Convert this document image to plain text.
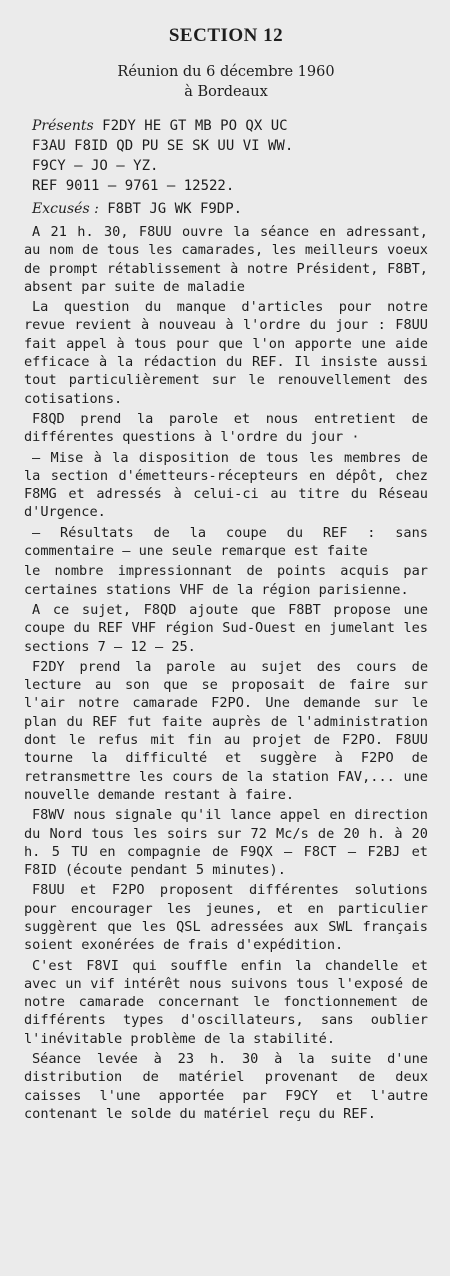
SECTION 12
Réunion du 6 décembre 1960
à Bordeaux
Présents F2DY HE GT MB PO QX UC
F3AU F8ID QD PU SE SK UU VI WW.
F9CY — JO — YZ.
REF 9011 — 9761 — 12522.
Excusés : F8BT JG WK F9DP.

A 21 h. 30, F8UU ouvre la séance en adressant, au nom de tous les camarades, les meilleurs voeux de prompt rétablissement à notre Président, F8BT, absent par suite de maladie

La question du manque d'articles pour notre revue revient à nouveau à l'ordre du jour : F8UU fait appel à tous pour que l'on apporte une aide efficace à la rédaction du REF. Il insiste aussi tout particulièrement sur le renouvellement des cotisations.

F8QD prend la parole et nous entretient de différentes questions à l'ordre du jour ·

— Mise à la disposition de tous les membres de la section d'émetteurs-récepteurs en dépôt, chez F8MG et adressés à celui-ci au titre du Réseau d'Urgence.

— Résultats de la coupe du REF : sans commentaire — une seule remarque est faite

le nombre impressionnant de points acquis par certaines stations VHF de la région parisienne.

A ce sujet, F8QD ajoute que F8BT propose une coupe du REF VHF région Sud-Ouest en jumelant les sections 7 — 12 — 25.

F2DY prend la parole au sujet des cours de lecture au son que se proposait de faire sur l'air notre camarade F2PO. Une demande sur le plan du REF fut faite auprès de l'administration dont le refus mit fin au projet de F2PO. F8UU tourne la difficulté et suggère à F2PO de retransmettre les cours de la station FAV,... une nouvelle demande restant à faire.

F8WV nous signale qu'il lance appel en direction du Nord tous les soirs sur 72 Mc/s de 20 h. à 20 h. 5 TU en compagnie de F9QX — F8CT — F2BJ et F8ID (écoute pendant 5 minutes).

F8UU et F2PO proposent différentes solutions pour encourager les jeunes, et en particulier suggèrent que les QSL adressées aux SWL français soient exonérées de frais d'expédition.

C'est F8VI qui souffle enfin la chandelle et avec un vif intérêt nous suivons tous l'exposé de notre camarade concernant le fonctionnement de différents types d'oscillateurs, sans oublier l'inévitable problème de la stabilité.

Séance levée à 23 h. 30 à la suite d'une distribution de matériel provenant de deux caisses l'une apportée par F9CY et l'autre contenant le solde du matériel reçu du REF.
